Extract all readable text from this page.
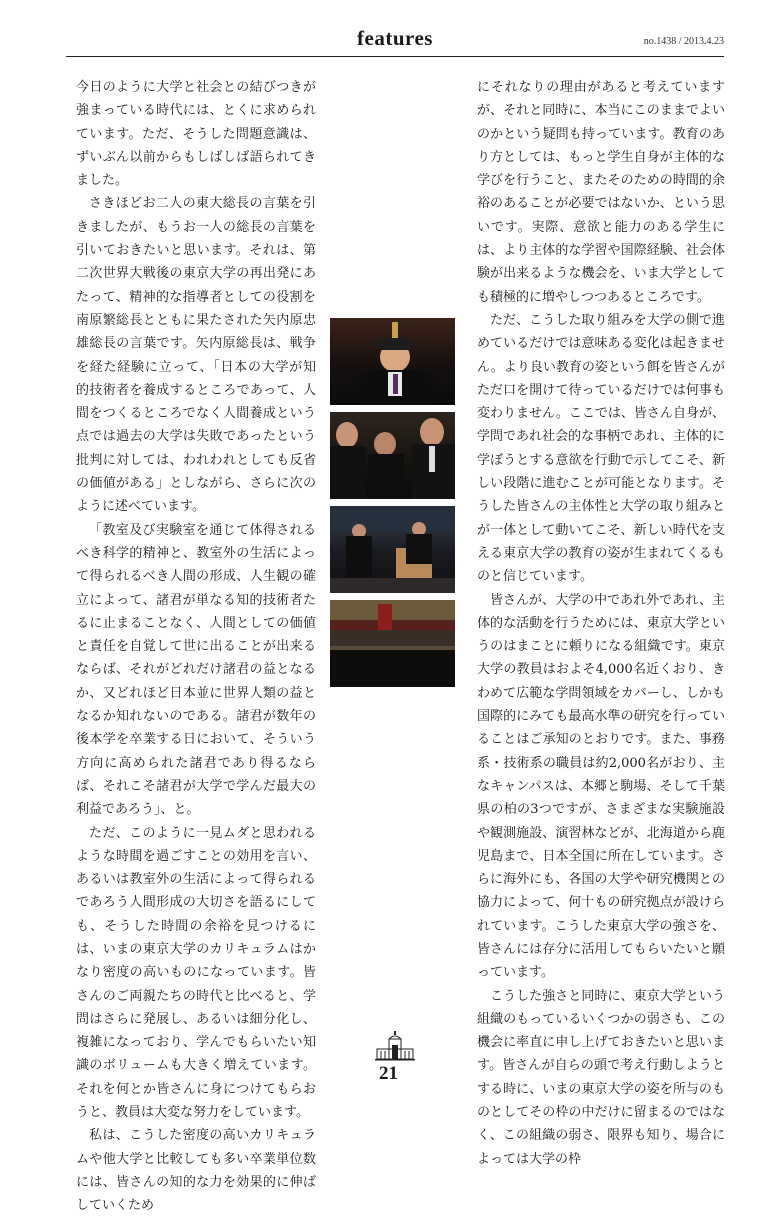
features	no.1438 / 2013.4.23

今日のように大学と社会との結びつきが強まっている時代には、とくに求められています。ただ、そうした問題意識は、ずいぶん以前からもしばしば語られてきました。

さきほどお二人の東大総長の言葉を引きましたが、もうお一人の総長の言葉を引いておきたいと思います。それは、第二次世界大戦後の東京大学の再出発にあたって、精神的な指導者としての役割を南原繁総長とともに果たされた矢内原忠雄総長の言葉です。矢内原総長は、戦争を経た経験に立って、「日本の大学が知的技術者を養成するところであって、人間をつくるところでなく人間養成という点では過去の大学は失敗であったという批判に対しては、われわれとしても反省の価値がある」としながら、さらに次のように述べています。

「教室及び実験室を通じて体得されるべき科学的精神と、教室外の生活によって得られるべき人間の形成、人生観の確立によって、諸君が単なる知的技術者たるに止まることなく、人間としての価値と責任を自覚して世に出ることが出来るならば、それがどれだけ諸君の益となるか、又どれほど日本並に世界人類の益となるか知れないのである。諸君が数年の後本学を卒業する日において、そういう方向に高められた諸君であり得るならば、それこそ諸君が大学で学んだ最大の利益であろう」、と。

ただ、このように一見ムダと思われるような時間を過ごすことの効用を言い、あるいは教室外の生活によって得られるであろう人間形成の大切さを語るにしても、そうした時間の余裕を見つけるには、いまの東京大学のカリキュラムはかなり密度の高いものになっています。皆さんのご両親たちの時代と比べると、学問はさらに発展し、あるいは細分化し、複雑になっており、学んでもらいたい知識のボリュームも大きく増えています。それを何とか皆さんに身につけてもらおうと、教員は大変な努力をしています。

私は、こうした密度の高いカリキュラムや他大学と比較しても多い卒業単位数には、皆さんの知的な力を効果的に伸ばしていくため

にそれなりの理由があると考えていますが、それと同時に、本当にこのままでよいのかという疑問も持っています。教育のあり方としては、もっと学生自身が主体的な学びを行うこと、またそのための時間的余裕のあることが必要ではないか、という思いです。実際、意欲と能力のある学生には、より主体的な学習や国際経験、社会体験が出来るような機会を、いま大学としても積極的に増やしつつあるところです。

ただ、こうした取り組みを大学の側で進めているだけでは意味ある変化は起きません。より良い教育の姿という餌を皆さんがただ口を開けて待っているだけでは何事も変わりません。ここでは、皆さん自身が、学問であれ社会的な事柄であれ、主体的に学ぼうとする意欲を行動で示してこそ、新しい段階に進むことが可能となります。そうした皆さんの主体性と大学の取り組みとが一体として動いてこそ、新しい時代を支える東京大学の教育の姿が生まれてくるものと信じています。

皆さんが、大学の中であれ外であれ、主体的な活動を行うためには、東京大学というのはまことに頼りになる組織です。東京大学の教員はおよそ4,000名近くおり、きわめて広範な学問領域をカバーし、しかも国際的にみても最高水準の研究を行っていることはご承知のとおりです。また、事務系・技術系の職員は約2,000名がおり、主なキャンパスは、本郷と駒場、そして千葉県の柏の3つですが、さまざまな実験施設や観測施設、演習林などが、北海道から鹿児島まで、日本全国に所在しています。さらに海外にも、各国の大学や研究機関との協力によって、何十もの研究拠点が設けられています。こうした東京大学の強さを、皆さんには存分に活用してもらいたいと願っています。

こうした強さと同時に、東京大学という組織のもっているいくつかの弱さも、この機会に率直に申し上げておきたいと思います。皆さんが自らの頭で考え行動しようとする時に、いまの東京大学の姿を所与のものとしてその枠の中だけに留まるのではなく、この組織の弱さ、限界も知り、場合によっては大学の枠

21
